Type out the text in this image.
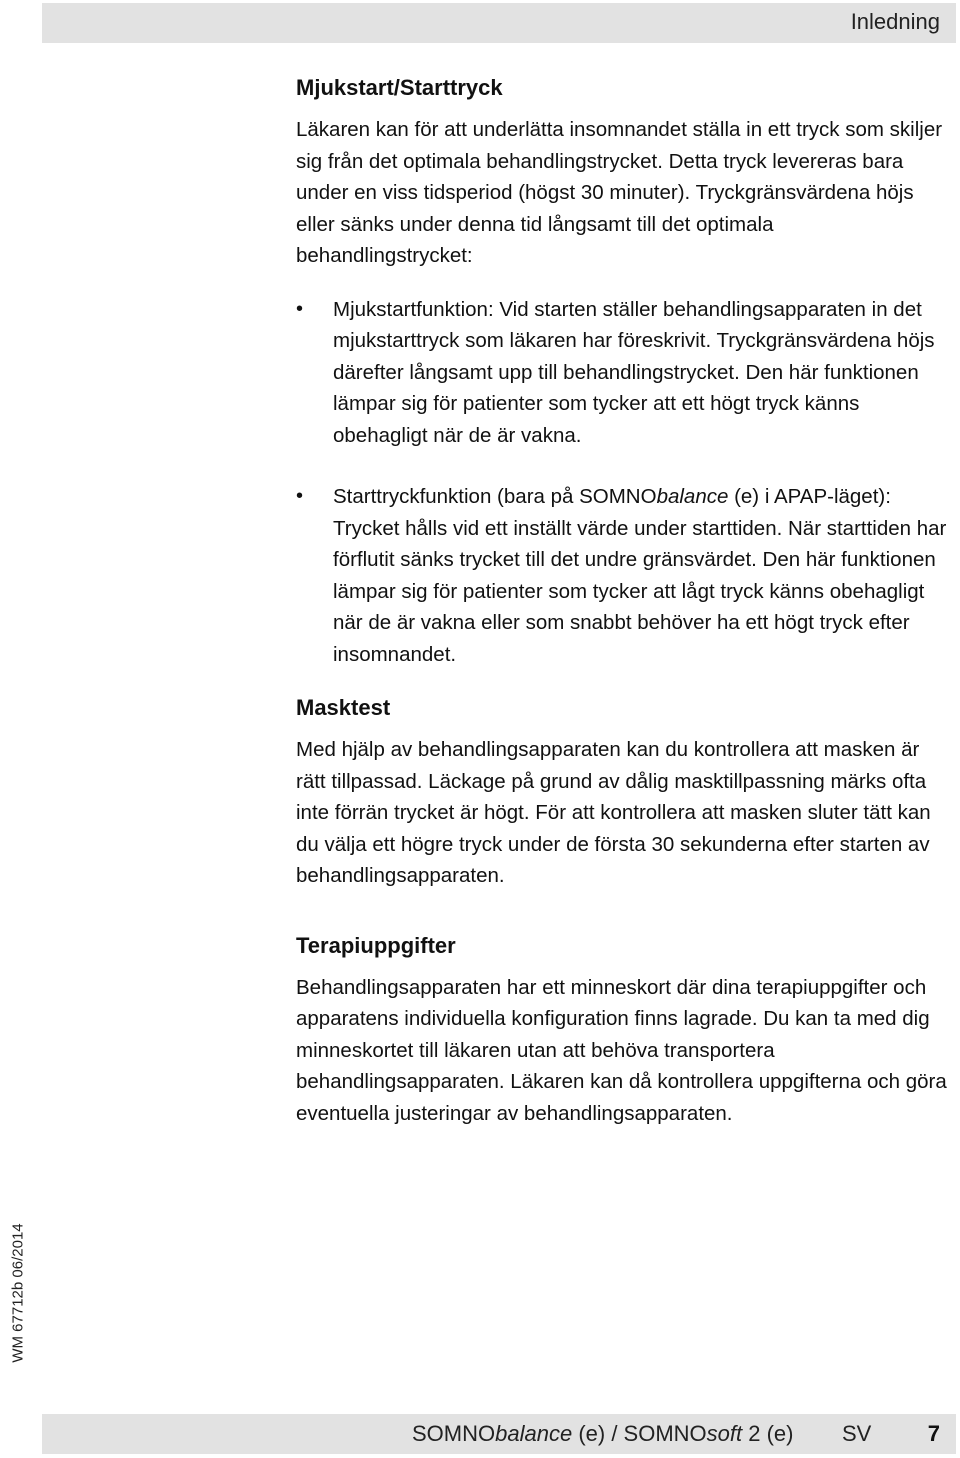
Inledning
Mjukstart/Starttryck

Läkaren kan för att underlätta insomnandet ställa in ett tryck som skiljer sig från det optimala behandlingstrycket. Detta tryck levereras bara under en viss tidsperiod (högst 30 minuter). Tryckgränsvärdena höjs eller sänks under denna tid långsamt till det optimala behandlingstrycket:

• Mjukstartfunktion: Vid starten ställer behandlingsapparaten in det mjukstarttryck som läkaren har föreskrivit. Tryckgränsvärdena höjs därefter långsamt upp till behandlingstrycket. Den här funktionen lämpar sig för patienter som tycker att ett högt tryck känns obehagligt när de är vakna.
• Starttryckfunktion (bara på SOMNObalance (e) i APAP-läget): Trycket hålls vid ett inställt värde under starttiden. När starttiden har förflutit sänks trycket till det undre gränsvärdet. Den här funktionen lämpar sig för patienter som tycker att lågt tryck känns obehagligt när de är vakna eller som snabbt behöver ha ett högt tryck efter insomnandet.
Masktest

Med hjälp av behandlingsapparaten kan du kontrollera att masken är rätt tillpassad. Läckage på grund av dålig masktillpassning märks ofta inte förrän trycket är högt. För att kontrollera att masken sluter tätt kan du välja ett högre tryck under de första 30 sekunderna efter starten av behandlingsapparaten.

Terapiuppgifter

Behandlingsapparaten har ett minneskort där dina terapiuppgifter och apparatens individuella konfiguration finns lagrade. Du kan ta med dig minneskortet till läkaren utan att behöva transportera behandlingsapparaten. Läkaren kan då kontrollera uppgifterna och göra eventuella justeringar av behandlingsapparaten.

WM 67712b 06/2014
SOMNObalance (e) / SOMNOsoft 2 (e) SV	7
